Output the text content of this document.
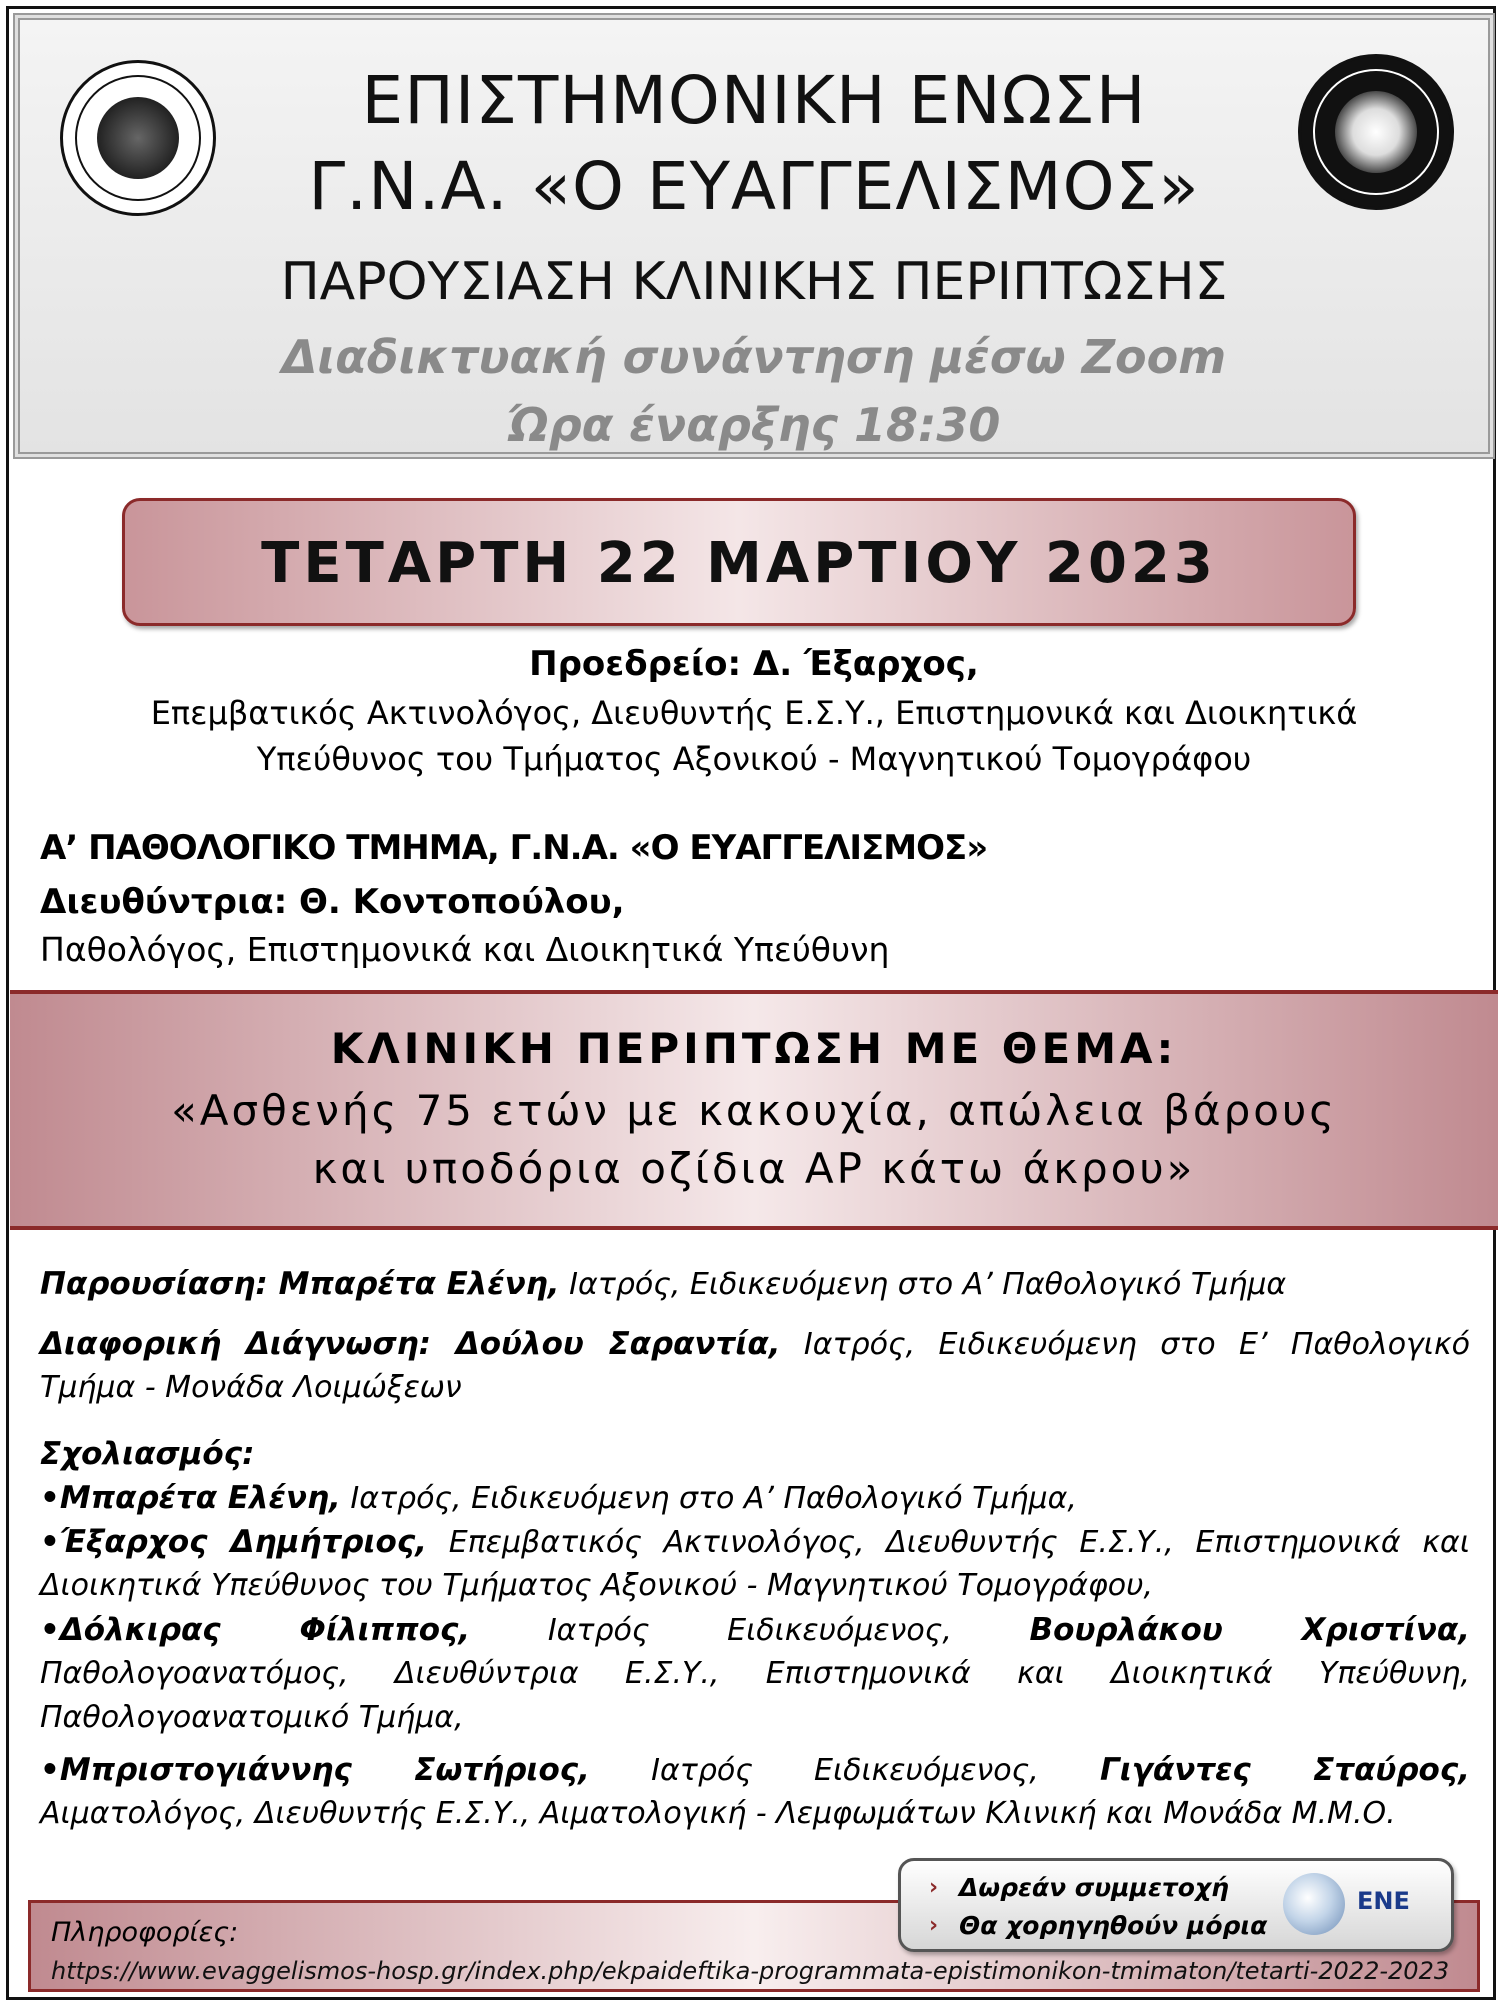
ΕΠΙΣΤΗΜΟΝΙΚΗ ΕΝΩΣΗ
Γ.Ν.Α. «Ο ΕΥΑΓΓΕΛΙΣΜΟΣ»
ΠΑΡΟΥΣΙΑΣΗ ΚΛΙΝΙΚΗΣ ΠΕΡΙΠΤΩΣΗΣ
Διαδικτυακή συνάντηση μέσω Zoom
Ώρα έναρξης 18:30
ΤΕΤΑΡΤΗ 22 ΜΑΡΤΙΟΥ 2023
Προεδρείο: Δ. Έξαρχος,
Επεμβατικός Ακτινολόγος, Διευθυντής Ε.Σ.Υ., Επιστημονικά και Διοικητικά
Υπεύθυνος του Τμήματος Αξονικού - Μαγνητικού Τομογράφου
Α’ ΠΑΘΟΛΟΓΙΚΟ ΤΜΗΜΑ, Γ.Ν.Α. «Ο ΕΥΑΓΓΕΛΙΣΜΟΣ»
Διευθύντρια: Θ. Κοντοπούλου,
Παθολόγος, Επιστημονικά και Διοικητικά Υπεύθυνη
ΚΛΙΝΙΚΗ ΠΕΡΙΠΤΩΣΗ ΜΕ ΘΕΜΑ:
«Ασθενής 75 ετών με κακουχία, απώλεια βάρους
και υποδόρια οζίδια ΑΡ κάτω άκρου»
Παρουσίαση: Μπαρέτα Ελένη, Ιατρός, Ειδικευόμενη στο Α’ Παθολογικό Τμήμα
Διαφορική Διάγνωση: Δούλου Σαραντία, Ιατρός, Ειδικευόμενη στο Ε’ Παθολογικό
Τμήμα - Μονάδα Λοιμώξεων
Σχολιασμός:
•Μπαρέτα Ελένη, Ιατρός, Ειδικευόμενη στο Α’ Παθολογικό Τμήμα,
•Έξαρχος Δημήτριος, Επεμβατικός Ακτινολόγος, Διευθυντής Ε.Σ.Υ., Επιστημονικά και
Διοικητικά Υπεύθυνος του Τμήματος Αξονικού - Μαγνητικού Τομογράφου,
•Δόλκιρας Φίλιππος,	Ιατρός Ειδικευόμενος,	Βουρλάκου Χριστίνα,
Παθολογοανατόμος, Διευθύντρια Ε.Σ.Υ., Επιστημονικά και Διοικητικά Υπεύθυνη,
Παθολογοανατομικό Τμήμα,
•Μπριστογιάννης Σωτήριος, Ιατρός Ειδικευόμενος, Γιγάντες Σταύρος,
Αιματολόγος, Διευθυντής Ε.Σ.Υ., Αιματολογική - Λεμφωμάτων Κλινική και Μονάδα Μ.Μ.Ο.
Πληροφορίες:
https://www.evaggelismos-hosp.gr/index.php/ekpaideftika-programmata-epistimonikon-tmimaton/tetarti-2022-2023
› Δωρεάν συμμετοχή
› Θα χορηγηθούν μόρια
ΕΝΕ
